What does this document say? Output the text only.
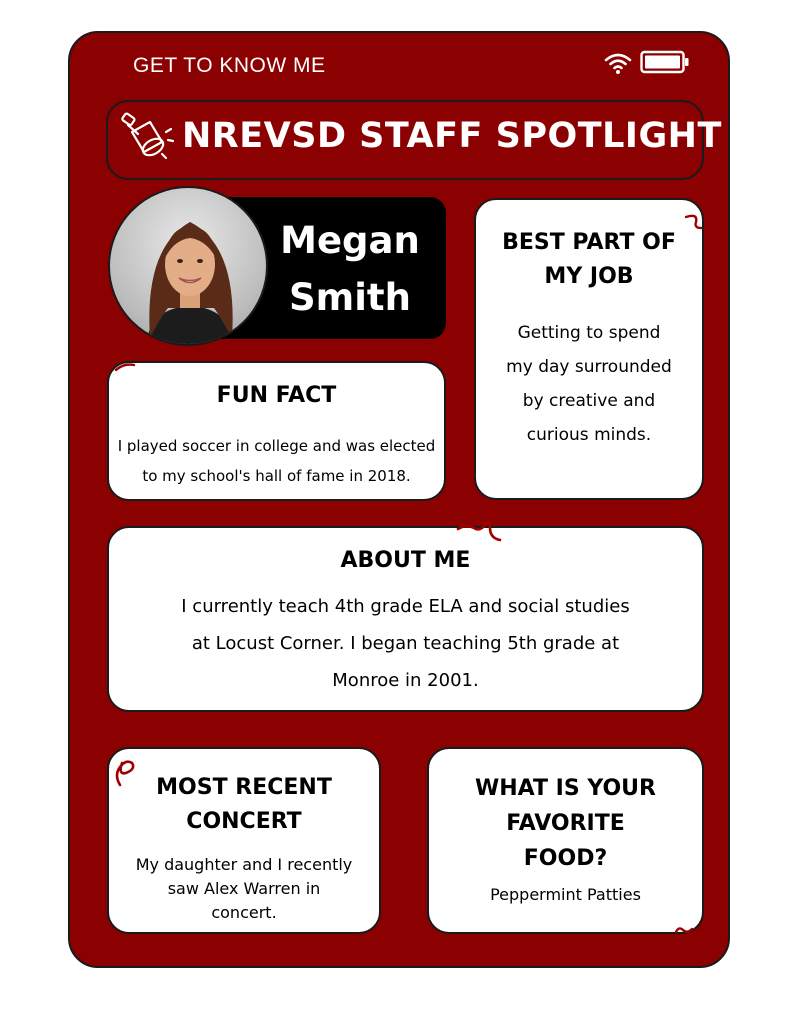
GET TO KNOW ME
NREVSD STAFF SPOTLIGHT
Megan
Smith
BEST PART OF
MY JOB
Getting to spend
my day surrounded
by creative and
curious minds.
FUN FACT
I played soccer in college and was elected
to my school's hall of fame in 2018.
ABOUT ME
I currently teach 4th grade ELA and social studies
at Locust Corner. I began teaching 5th grade at
Monroe in 2001.
MOST RECENT
CONCERT
My daughter and I recently
saw Alex Warren in
concert.
WHAT IS YOUR
FAVORITE
FOOD?
Peppermint Patties
